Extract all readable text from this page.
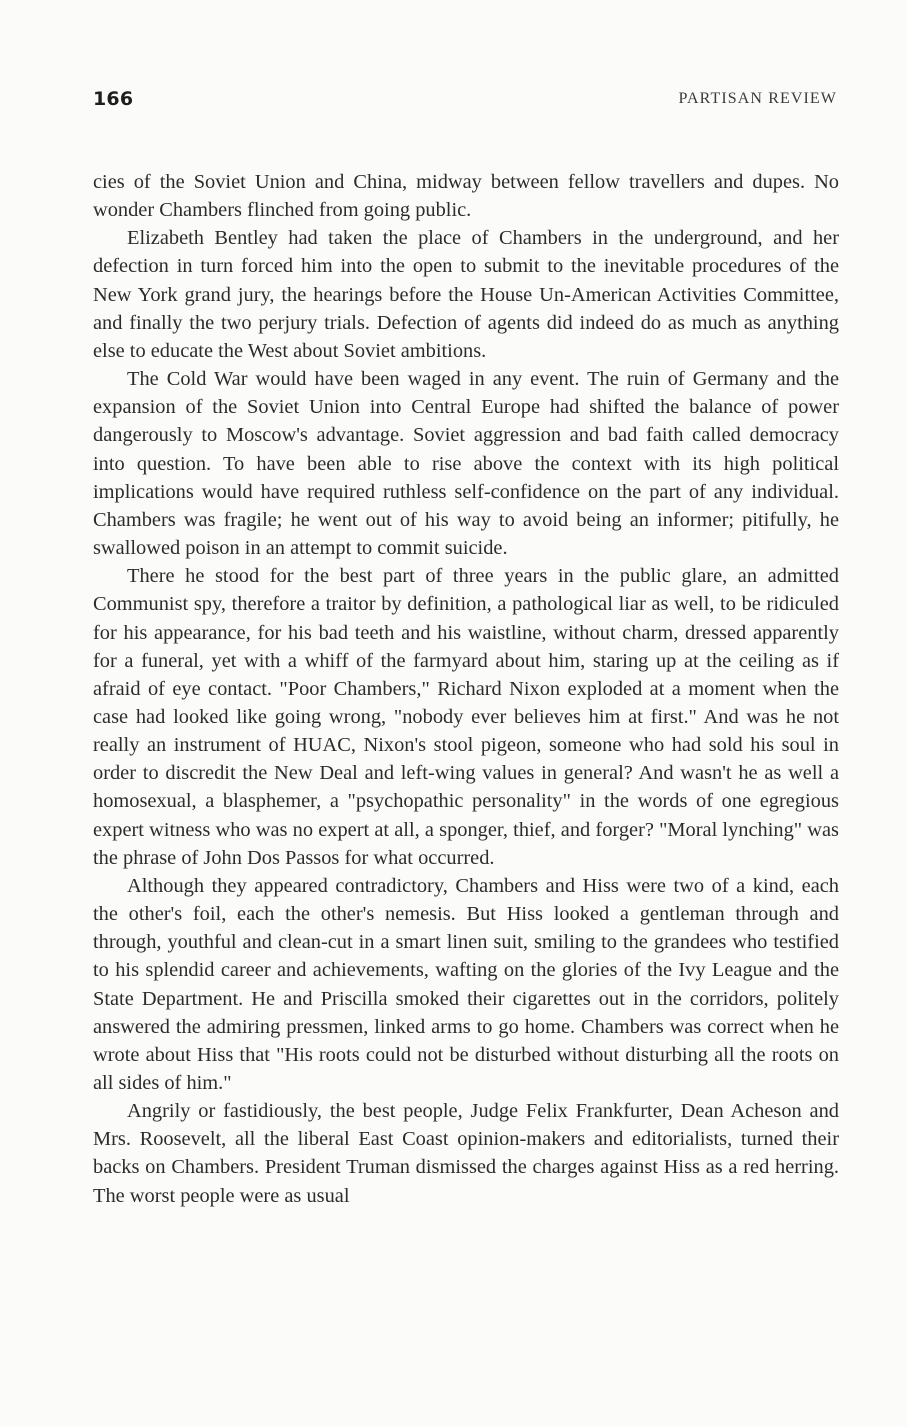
166	PARTISAN REVIEW

cies of the Soviet Union and China, midway between fellow travellers and dupes. No wonder Chambers flinched from going public.

Elizabeth Bentley had taken the place of Chambers in the underground, and her defection in turn forced him into the open to submit to the inevitable procedures of the New York grand jury, the hearings before the House Un-American Activities Committee, and finally the two perjury trials. Defection of agents did indeed do as much as anything else to educate the West about Soviet ambitions.

The Cold War would have been waged in any event. The ruin of Germany and the expansion of the Soviet Union into Central Europe had shifted the balance of power dangerously to Moscow's advantage. Soviet aggression and bad faith called democracy into question. To have been able to rise above the context with its high political implications would have required ruthless self-confidence on the part of any individual. Chambers was fragile; he went out of his way to avoid being an informer; pitifully, he swallowed poison in an attempt to commit suicide.

There he stood for the best part of three years in the public glare, an admitted Communist spy, therefore a traitor by definition, a pathological liar as well, to be ridiculed for his appearance, for his bad teeth and his waistline, without charm, dressed apparently for a funeral, yet with a whiff of the farmyard about him, staring up at the ceiling as if afraid of eye contact. "Poor Chambers," Richard Nixon exploded at a moment when the case had looked like going wrong, "nobody ever believes him at first." And was he not really an instrument of HUAC, Nixon's stool pigeon, someone who had sold his soul in order to discredit the New Deal and left-wing values in general? And wasn't he as well a homosexual, a blasphemer, a "psychopathic personality" in the words of one egregious expert witness who was no expert at all, a sponger, thief, and forger? "Moral lynching" was the phrase of John Dos Passos for what occurred.

Although they appeared contradictory, Chambers and Hiss were two of a kind, each the other's foil, each the other's nemesis. But Hiss looked a gentleman through and through, youthful and clean-cut in a smart linen suit, smiling to the grandees who testified to his splendid career and achievements, wafting on the glories of the Ivy League and the State Department. He and Priscilla smoked their cigarettes out in the corridors, politely answered the admiring pressmen, linked arms to go home. Chambers was correct when he wrote about Hiss that "His roots could not be disturbed without disturbing all the roots on all sides of him."

Angrily or fastidiously, the best people, Judge Felix Frankfurter, Dean Acheson and Mrs. Roosevelt, all the liberal East Coast opinion-makers and editorialists, turned their backs on Chambers. President Truman dismissed the charges against Hiss as a red herring. The worst people were as usual
